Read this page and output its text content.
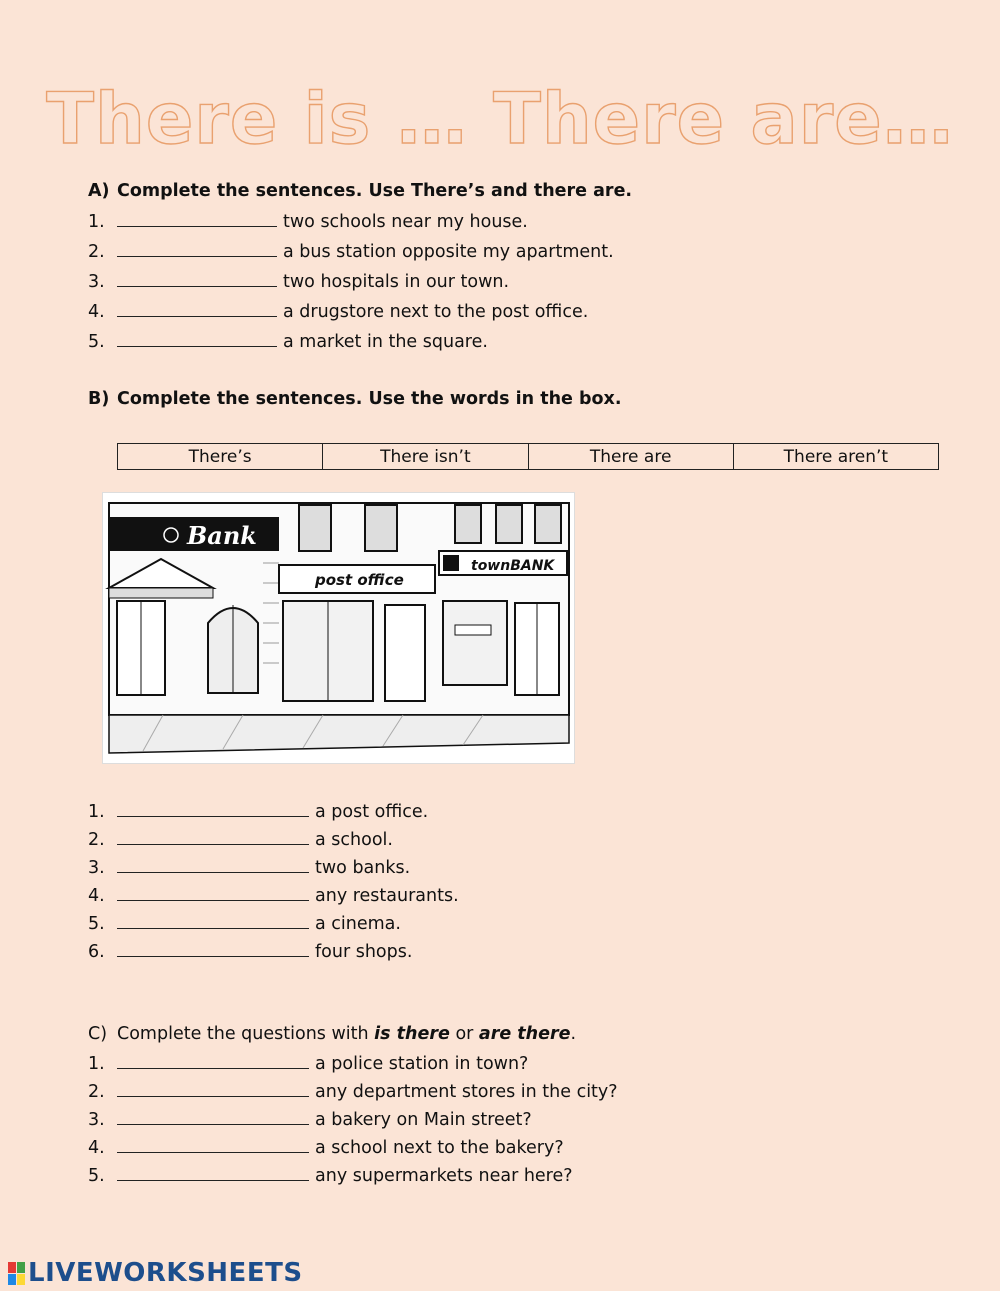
There is … There are…
A) Complete the sentences. Use There’s and there are.
1.	two schools near my house.
2.	a bus station opposite my apartment.
3.	two hospitals in our town.
4.	a drugstore next to the post office.
5.	a market in the square.
B) Complete the sentences. Use the words in the box.
There’s	There isn’t	There are	There aren’t
Bank
post office
townBANK
1.	a post office.
2.	a school.
3.	two banks.
4.	any restaurants.
5.	a cinema.
6.	four shops.
C) Complete the questions with is there or are there.
1.	a police station in town?
2.	any department stores in the city?
3.	a bakery on Main street?
4.	a school next to the bakery?
5.	any supermarkets near here?
LIVEWORKSHEETS
